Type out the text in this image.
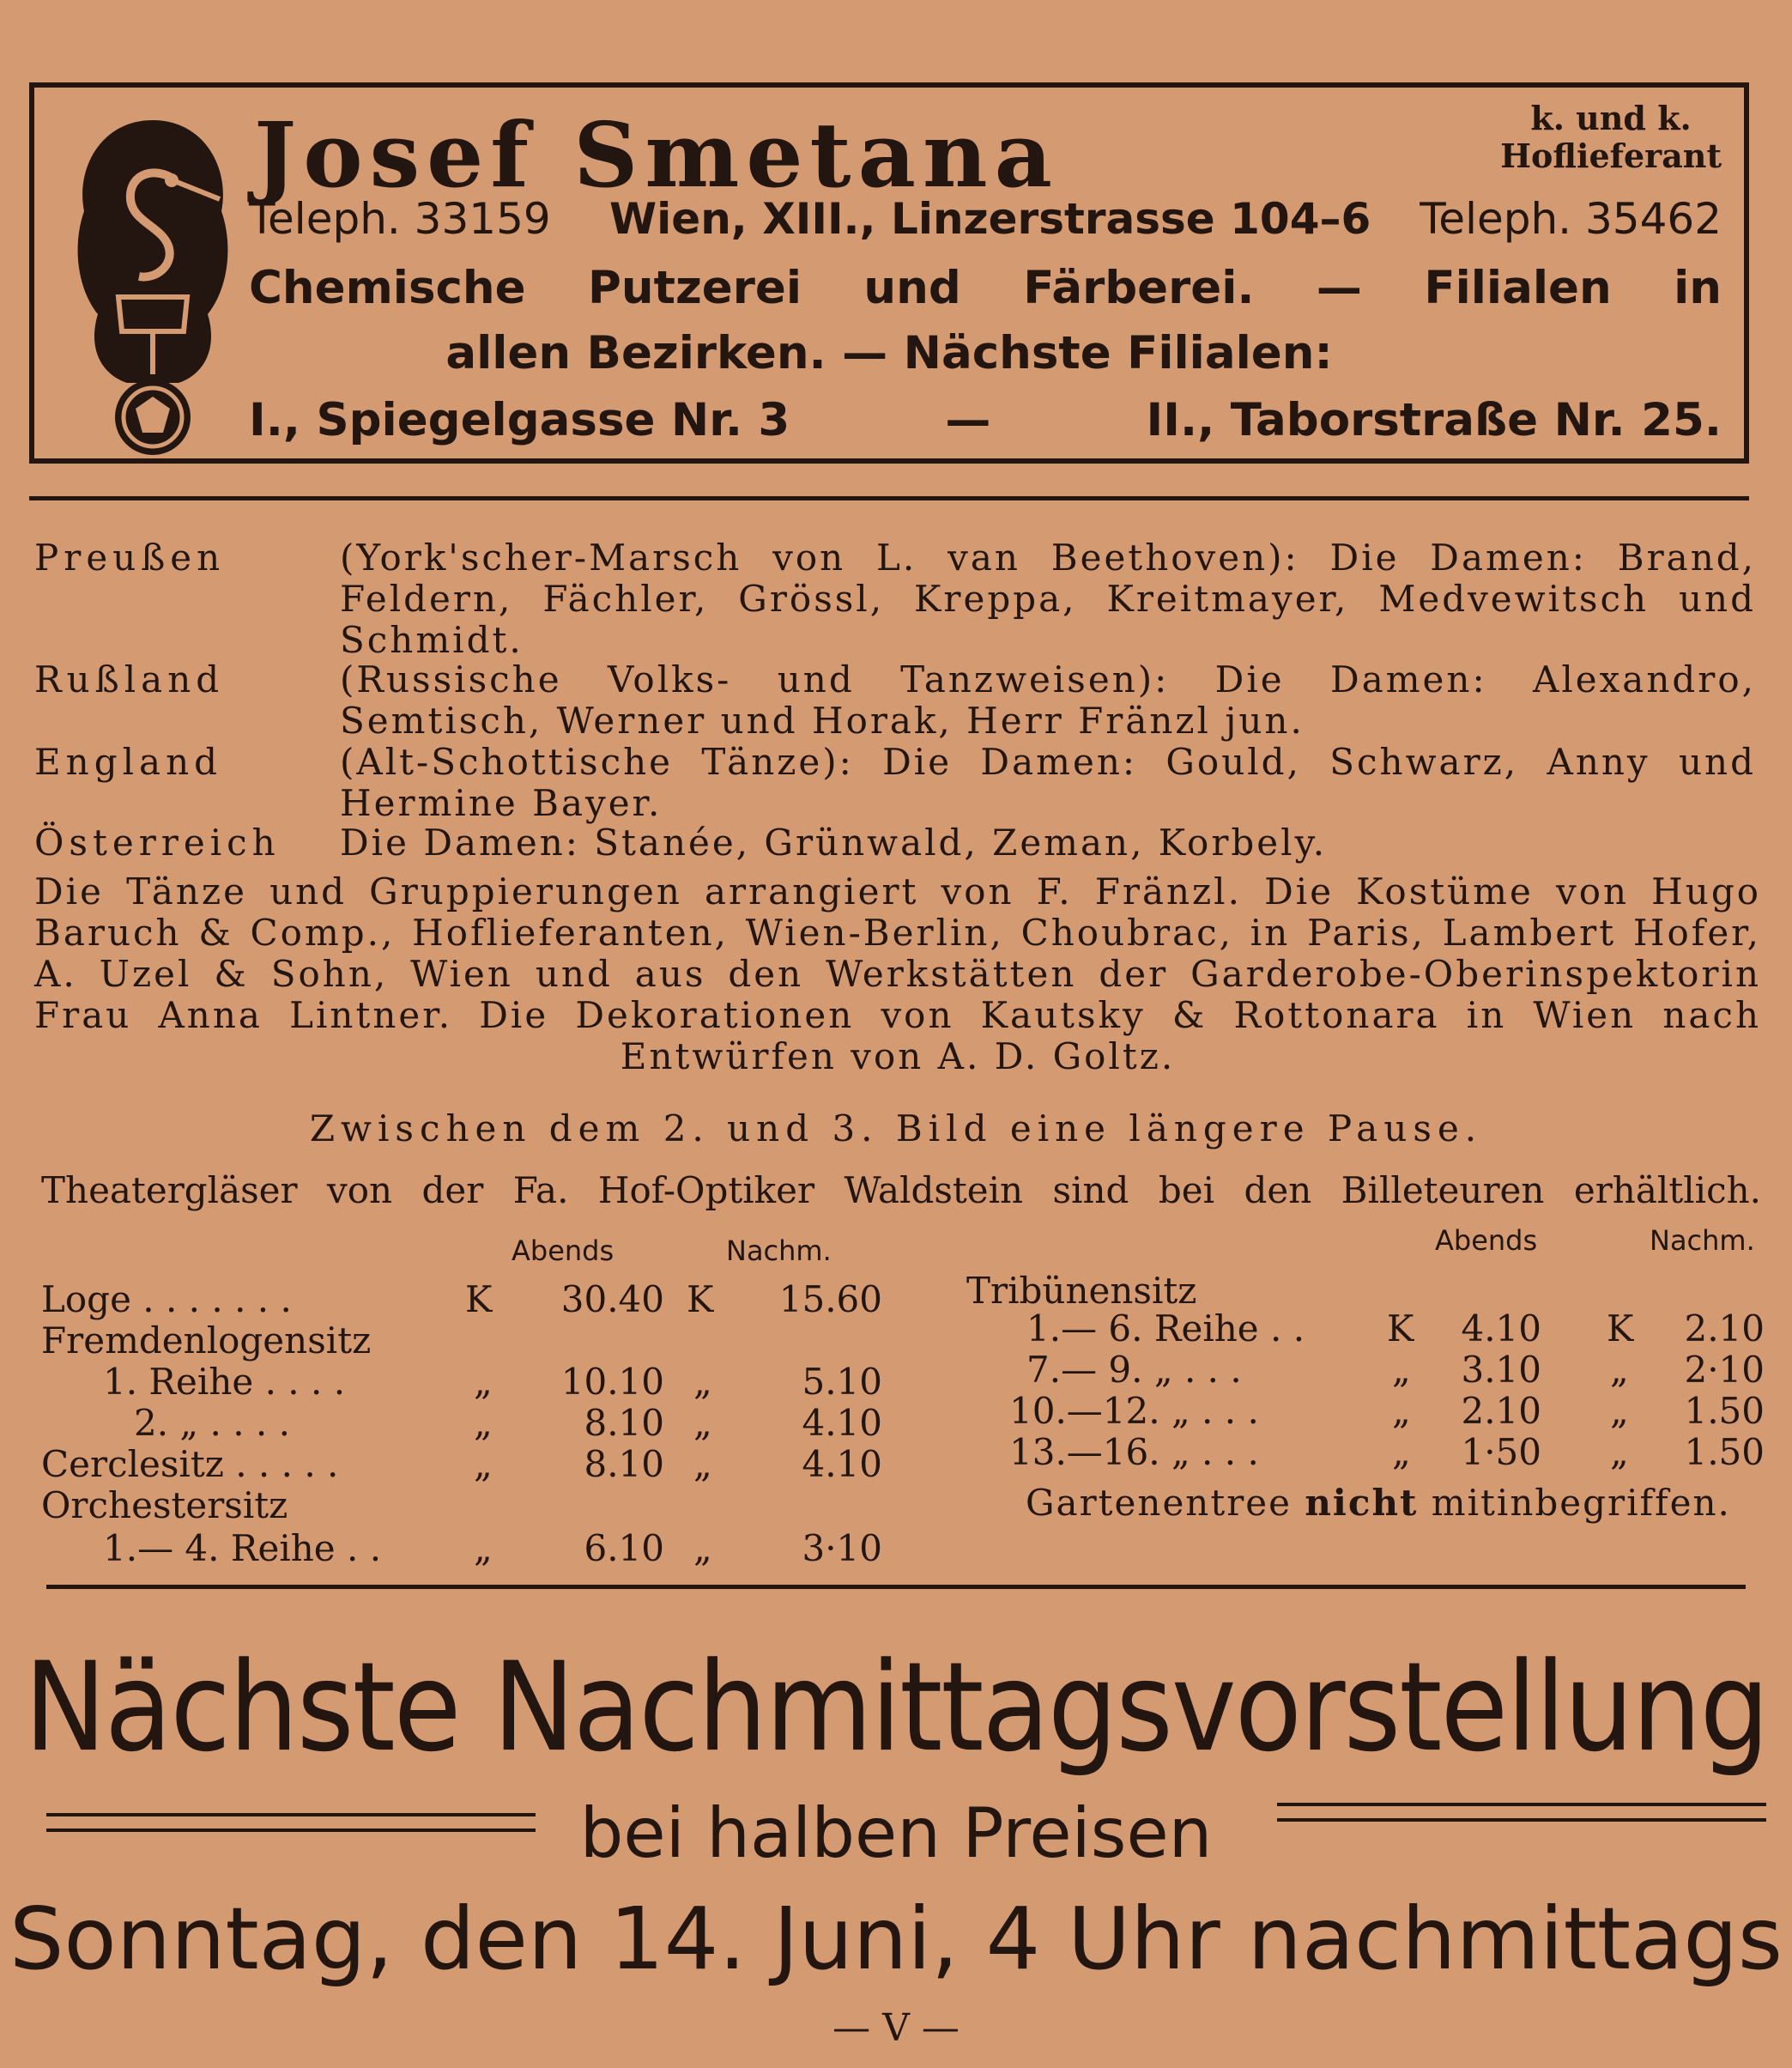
Josef Smetana	k. und k.
Hoflieferant

Teleph. 33159 Wien, XIII., Linzerstrasse 104–6 Teleph. 35462

Chemische Putzerei und Färberei. — Filialen in

allen Bezirken. — Nächste Filialen:

I., Spiegelgasse Nr. 3	—	II., Taborstraße Nr. 25.

Preußen	(York'scher-Marsch von L. van Beethoven): Die Damen: Brand, Feldern, Fächler, Grössl, Kreppa, Kreitmayer, Medvewitsch und Schmidt.

Rußland	(Russische Volks- und Tanzweisen): Die Damen: Alexandro, Semtisch, Werner und Horak, Herr Fränzl jun.

England	(Alt-Schottische Tänze): Die Damen: Gould, Schwarz, Anny und Hermine Bayer.

Österreich Die Damen: Stanée, Grünwald, Zeman, Korbely.

Die Tänze und Gruppierungen arrangiert von F. Fränzl. Die Kostüme von Hugo Baruch & Comp., Hoflieferanten, Wien-Berlin, Choubrac, in Paris, Lambert Hofer, A. Uzel & Sohn, Wien und aus den Werkstätten der Garderobe-Oberinspektorin Frau Anna Lintner. Die Dekorationen von Kautsky & Rottonara in Wien nach Entwürfen von A. D. Goltz.

Zwischen dem 2. und 3. Bild eine längere Pause.

Theatergläser von der Fa. Hof-Optiker Waldstein sind bei den Billeteuren erhältlich.

Abends	Nachm.

Loge . . . . . . .	K	30.40 K	15.60
Fremdenlogensitz
1. Reihe . . . .	„	10.10 „	5.10
2. „ . . . .	„	8.10 „	4.10
Cerclesitz . . . . .	„	8.10 „	4.10
Orchestersitz
1.— 4. Reihe . .	„	6.10 „	3·10

Abends	Nachm.

Tribünensitz

1.— 6. Reihe . . K	4.10 K	2.10
7.— 9. „ . . .	„	3.10 „	2·10
10.—12. „ . . .	„	2.10 „	1.50
13.—16. „ . . .	„	1·50 „	1.50

Gartenentree nicht mitinbegriffen.

Nächste Nachmittagsvorstellung

bei halben Preisen

Sonntag, den 14. Juni, 4 Uhr nachmittags

— V —
